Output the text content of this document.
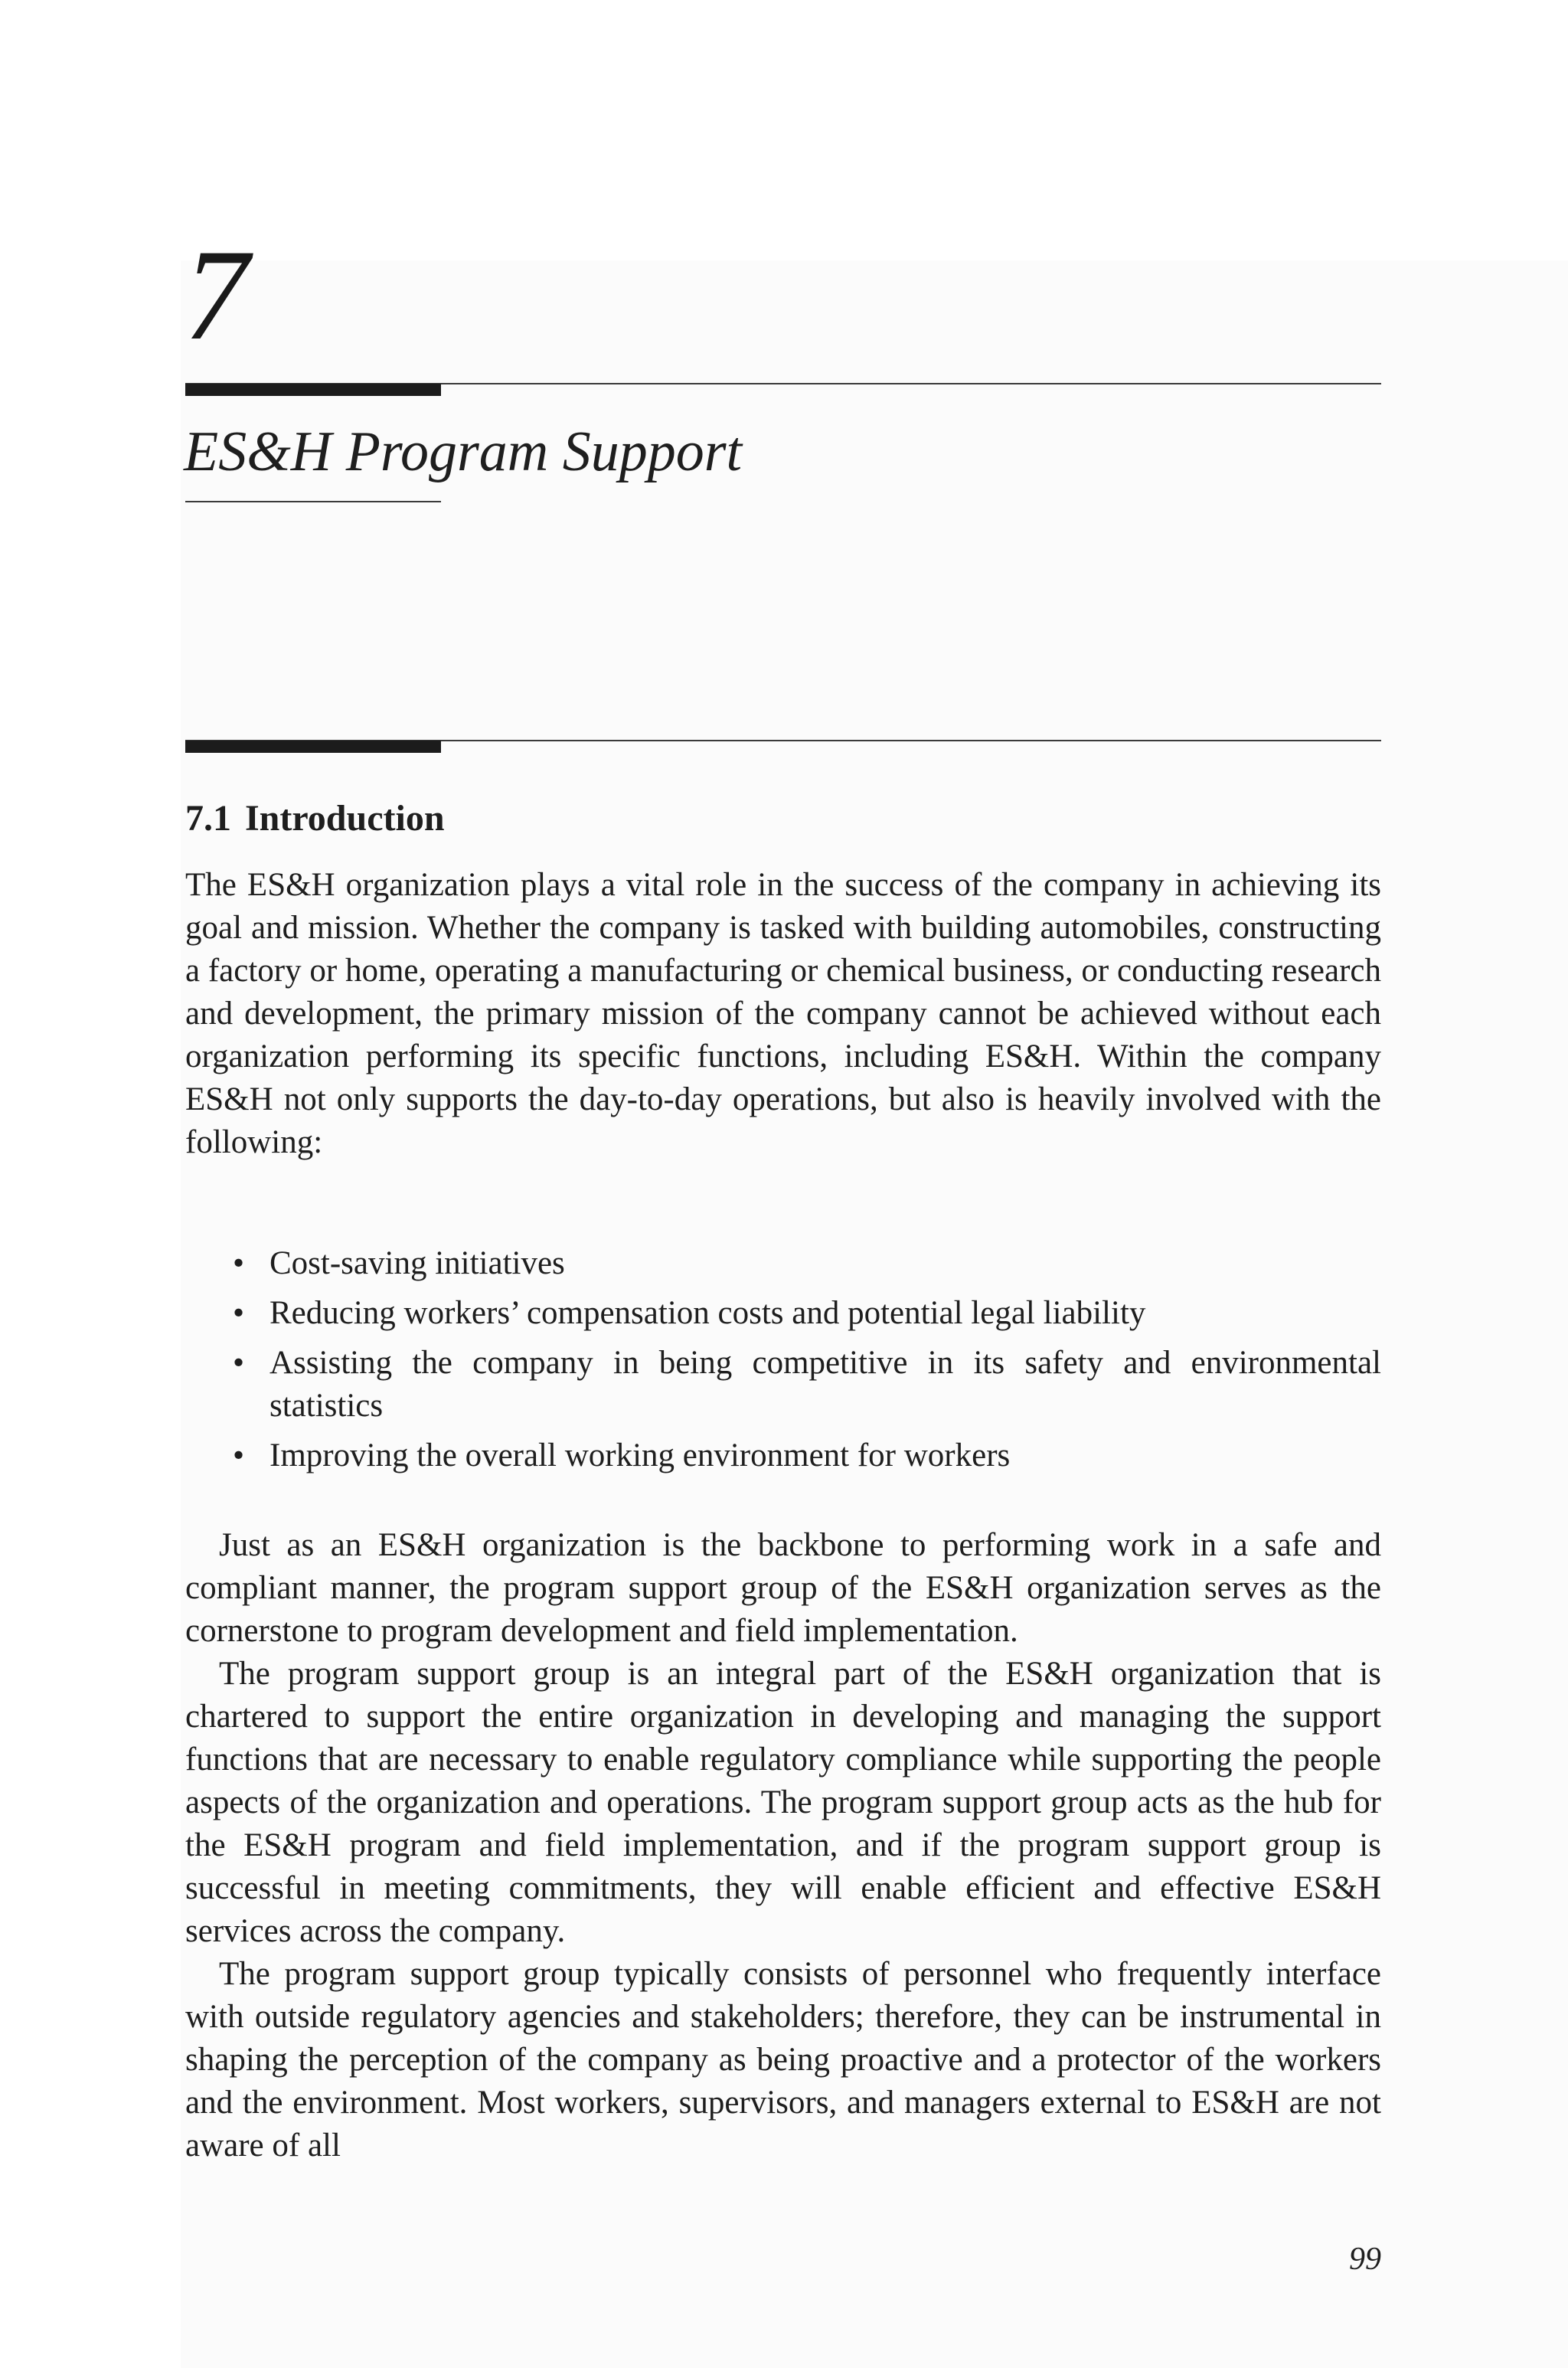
7
ES&H Program Support
7.1 Introduction
The ES&H organization plays a vital role in the success of the company in achieving its goal and mission. Whether the company is tasked with building automobiles, constructing a factory or home, operating a manufacturing or chemical business, or conducting research and development, the primary mission of the company cannot be achieved without each organization performing its specific functions, including ES&H. Within the company ES&H not only supports the day-to-day operations, but also is heavily involved with the following:
• Cost-saving initiatives
• Reducing workers’ compensation costs and potential legal liability
• Assisting the company in being competitive in its safety and environmental statistics
• Improving the overall working environment for workers

Just as an ES&H organization is the backbone to performing work in a safe and compliant manner, the program support group of the ES&H organization serves as the cornerstone to program development and field implementation.

The program support group is an integral part of the ES&H organization that is chartered to support the entire organization in developing and managing the support functions that are necessary to enable regulatory compliance while supporting the people aspects of the organization and operations. The program support group acts as the hub for the ES&H program and field implementation, and if the program support group is successful in meeting commitments, they will enable efficient and effective ES&H services across the company.

The program support group typically consists of personnel who frequently interface with outside regulatory agencies and stakeholders; therefore, they can be instrumental in shaping the perception of the company as being proactive and a protector of the workers and the environment. Most workers, supervisors, and managers external to ES&H are not aware of all

99
